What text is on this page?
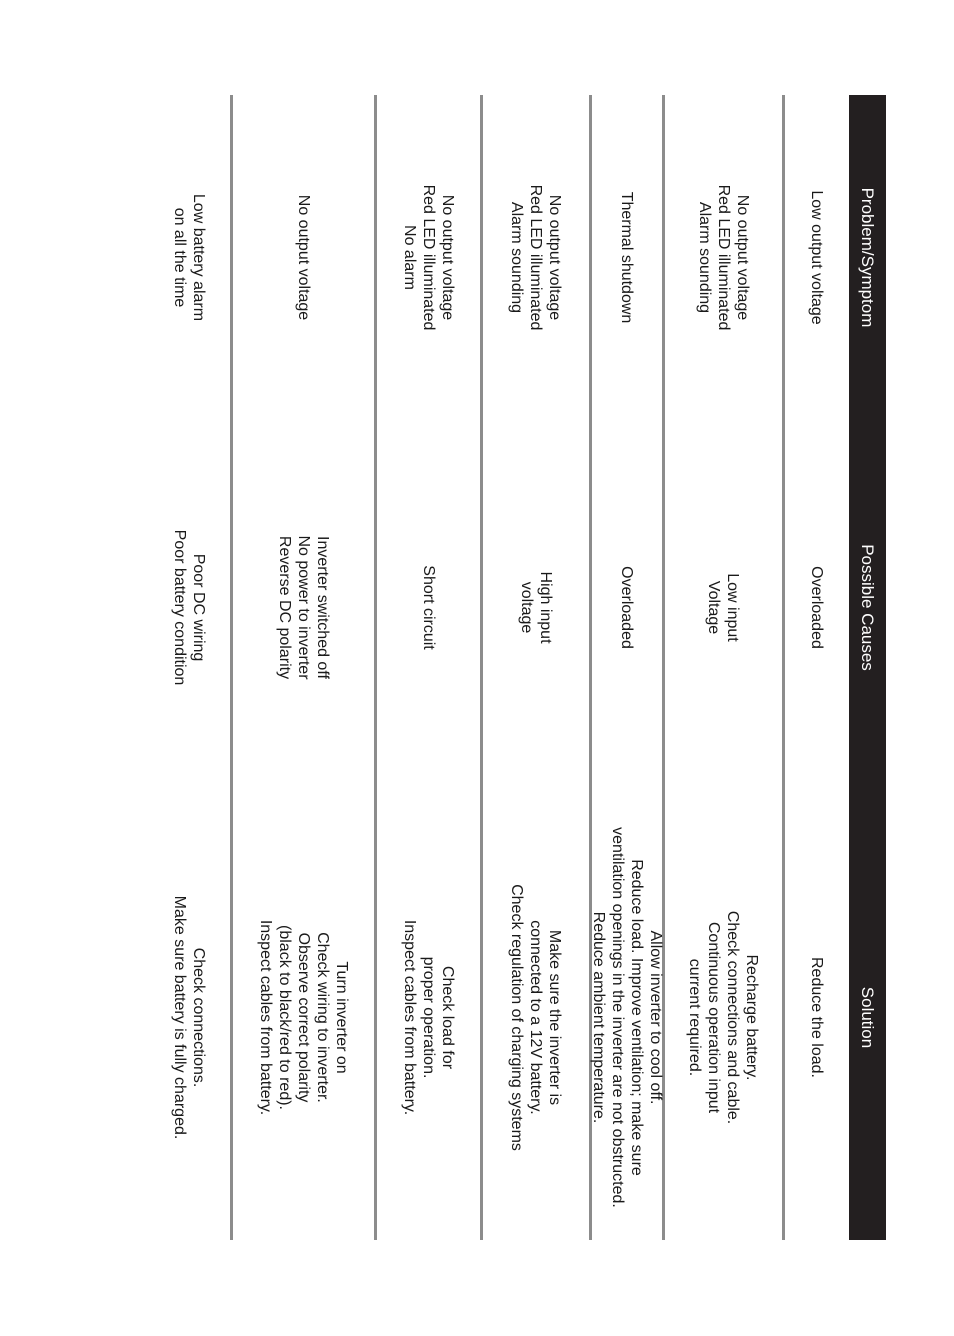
Problem/Symptom
Possible Causes
Solution
Low output voltage
Overloaded
Reduce the load.
No output voltage
Red LED illuminated
Alarm sounding
Low input
Voltage
Recharge battery.
Check connections and cable.
Continuous operation input
current required.
Thermal shutdown
Overloaded
Allow inverter to cool off.
Reduce load. Improve ventilation; make sure
ventilation openings in the inverter are not obstructed.
Reduce ambient temperature.
No output voltage
Red LED illuminated
Alarm sounding
High input
voltage
Make sure the inverter is
connected to a 12V battery.
Check regulation of charging systems
No output voltage
Red LED illuminated
No alarm
Short circuit
Check load for
proper operation.
Inspect cables from battery.
No output voltage
Inverter switched off
No power to inverter
Reverse DC polarity
Turn inverter on
Check wiring to inverter.
Observe correct polarity
(black to black/red to red).
Inspect cables from battery.
Low battery alarm
on all the time
Poor DC wiring
Poor battery condition
Check connections.
Make sure battery is fully charged.
